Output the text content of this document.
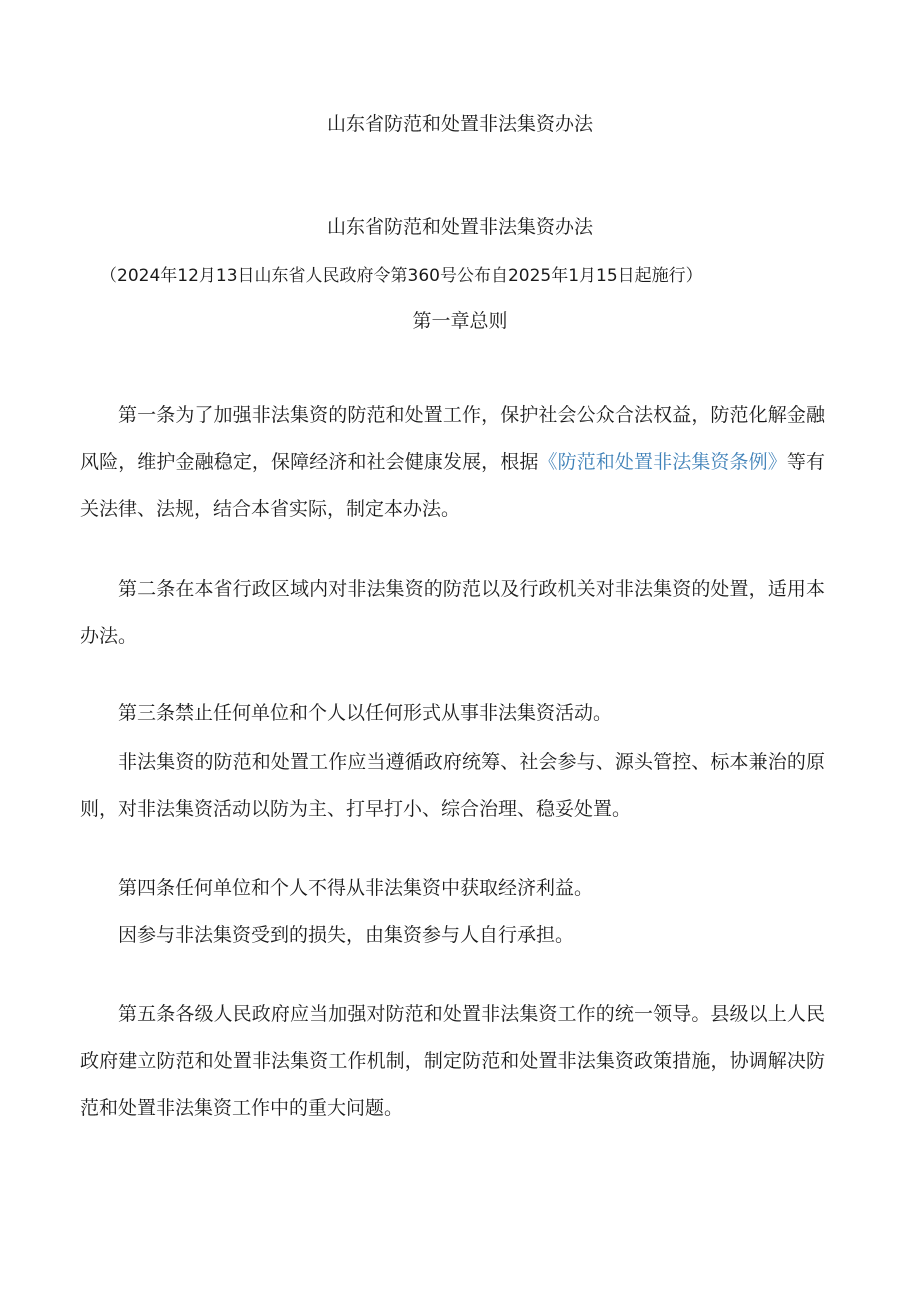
山东省防范和处置非法集资办法
山东省防范和处置非法集资办法
（2024年12月13日山东省人民政府令第360号公布自2025年1月15日起施行）
第一章总则

第一条为了加强非法集资的防范和处置工作，保护社会公众合法权益，防范化解金融风险，维护金融稳定，保障经济和社会健康发展，根据《防范和处置非法集资条例》等有关法律、法规，结合本省实际，制定本办法。

第二条在本省行政区域内对非法集资的防范以及行政机关对非法集资的处置，适用本办法。

第三条禁止任何单位和个人以任何形式从事非法集资活动。

非法集资的防范和处置工作应当遵循政府统筹、社会参与、源头管控、标本兼治的原则，对非法集资活动以防为主、打早打小、综合治理、稳妥处置。

第四条任何单位和个人不得从非法集资中获取经济利益。

因参与非法集资受到的损失，由集资参与人自行承担。

第五条各级人民政府应当加强对防范和处置非法集资工作的统一领导。县级以上人民政府建立防范和处置非法集资工作机制，制定防范和处置非法集资政策措施，协调解决防范和处置非法集资工作中的重大问题。
